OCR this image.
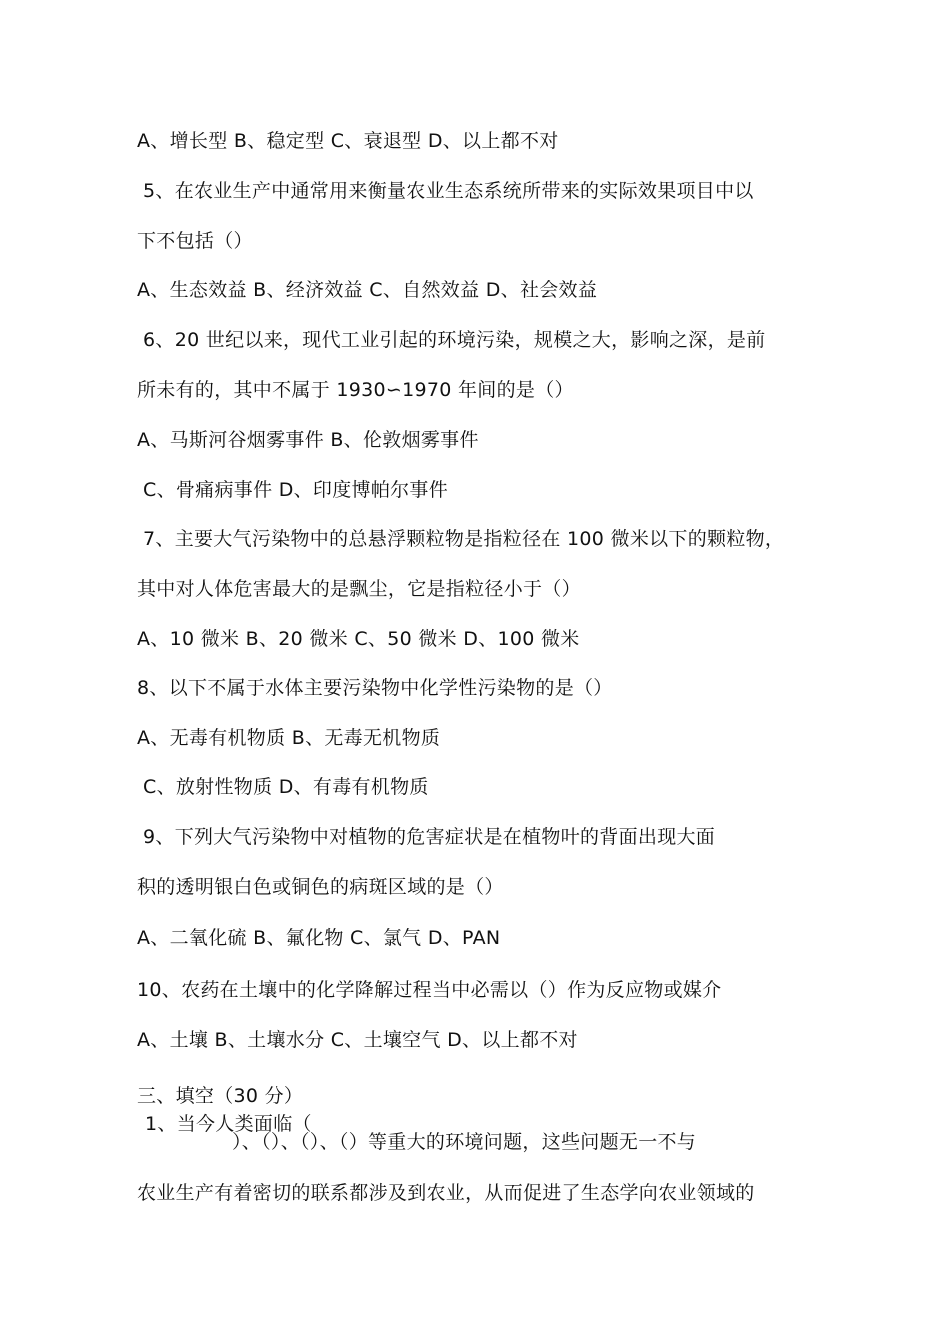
A、增长型 B、稳定型 C、衰退型 D、以上都不对
5、在农业生产中通常用来衡量农业生态系统所带来的实际效果项目中以
下不包括（）
A、生态效益 B、经济效益 C、自然效益 D、社会效益
6、20 世纪以来，现代工业引起的环境污染，规模之大，影响之深，是前
所未有的，其中不属于 1930∽1970 年间的是（）
A、马斯河谷烟雾事件 B、伦敦烟雾事件
C、骨痛病事件 D、印度博帕尔事件
7、主要大气污染物中的总悬浮颗粒物是指粒径在 100 微米以下的颗粒物，
其中对人体危害最大的是飘尘，它是指粒径小于（）
A、10 微米 B、20 微米 C、50 微米 D、100 微米
8、以下不属于水体主要污染物中化学性污染物的是（）
A、无毒有机物质 B、无毒无机物质
C、放射性物质 D、有毒有机物质
9、下列大气污染物中对植物的危害症状是在植物叶的背面出现大面
积的透明银白色或铜色的病斑区域的是（）
A、二氧化硫 B、氟化物 C、氯气 D、PAN
10、农药在土壤中的化学降解过程当中必需以（）作为反应物或媒介
A、土壤 B、土壤水分 C、土壤空气 D、以上都不对
三、填空（30 分）
1、当今人类面临（
）、（）、（）、（）等重大的环境问题，这些问题无一不与
农业生产有着密切的联系都涉及到农业，从而促进了生态学向农业领域的
